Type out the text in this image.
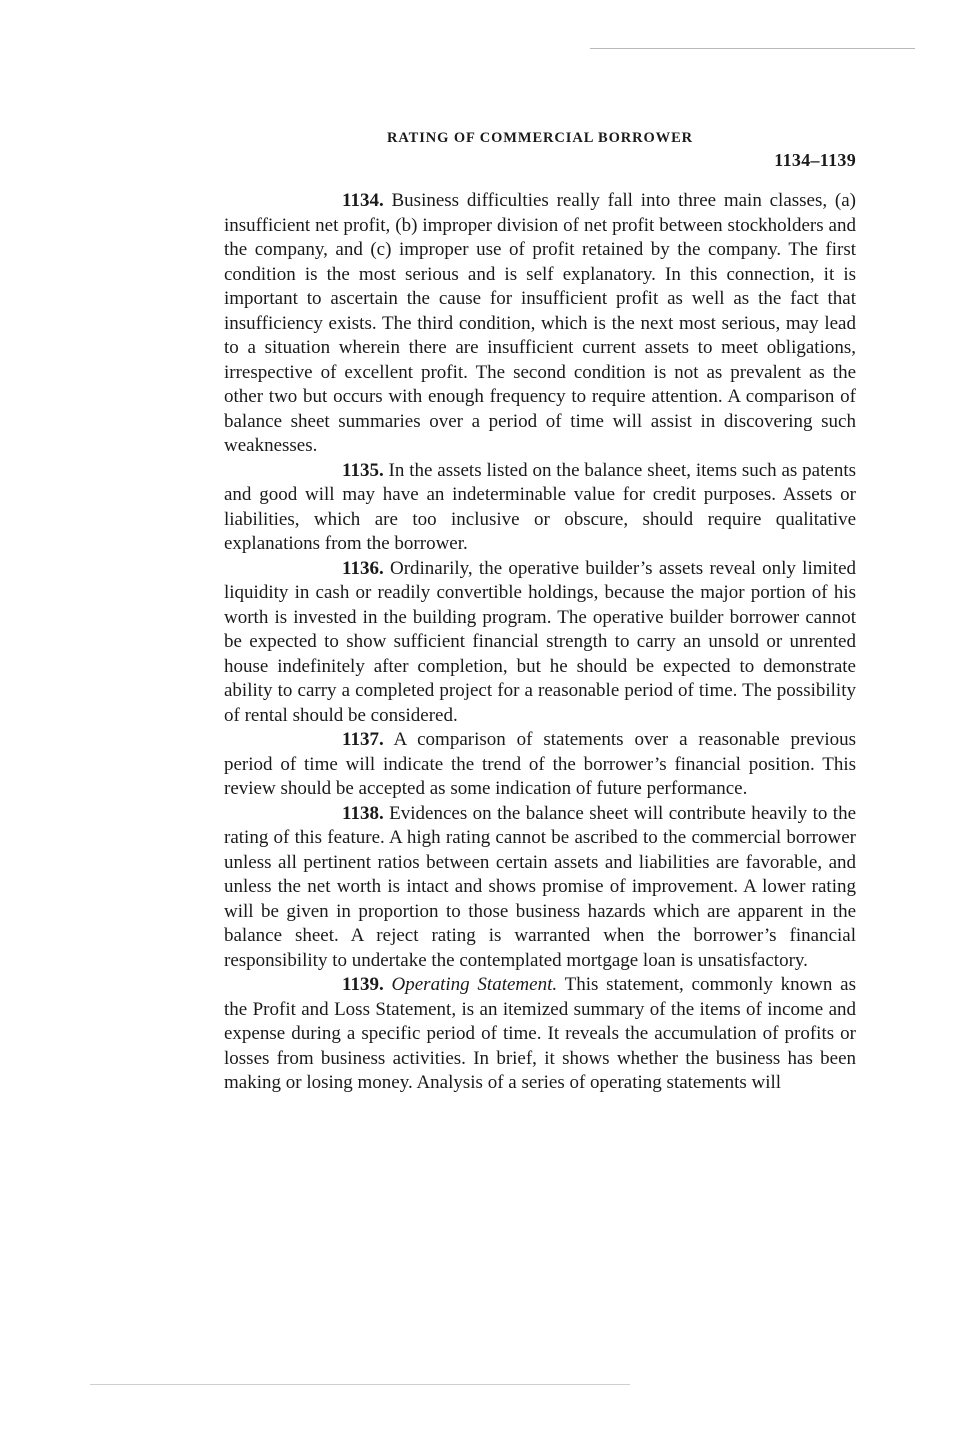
RATING OF COMMERCIAL BORROWER
1134–1139

1134. Business difficulties really fall into three main classes, (a) insufficient net profit, (b) improper division of net profit between stockholders and the company, and (c) improper use of profit retained by the company. The first condition is the most serious and is self explanatory. In this connection, it is important to ascertain the cause for insufficient profit as well as the fact that insufficiency exists. The third condition, which is the next most serious, may lead to a situation wherein there are insufficient current assets to meet obligations, irrespective of excellent profit. The second condition is not as prevalent as the other two but occurs with enough frequency to require attention. A comparison of balance sheet summaries over a period of time will assist in discovering such weaknesses.

1135. In the assets listed on the balance sheet, items such as patents and good will may have an indeterminable value for credit purposes. Assets or liabilities, which are too inclusive or obscure, should require qualitative explanations from the borrower.

1136. Ordinarily, the operative builder’s assets reveal only limited liquidity in cash or readily convertible holdings, because the major portion of his worth is invested in the building program. The operative builder borrower cannot be expected to show sufficient financial strength to carry an unsold or unrented house indefinitely after completion, but he should be expected to demonstrate ability to carry a completed project for a reasonable period of time. The possibility of rental should be considered.

1137. A comparison of statements over a reasonable previous period of time will indicate the trend of the borrower’s financial position. This review should be accepted as some indication of future performance.

1138. Evidences on the balance sheet will contribute heavily to the rating of this feature. A high rating cannot be ascribed to the commercial borrower unless all pertinent ratios between certain assets and liabilities are favorable, and unless the net worth is intact and shows promise of improvement. A lower rating will be given in proportion to those business hazards which are apparent in the balance sheet. A reject rating is warranted when the borrower’s financial responsibility to undertake the contemplated mortgage loan is unsatisfactory.

1139. Operating Statement. This statement, commonly known as the Profit and Loss Statement, is an itemized summary of the items of income and expense during a specific period of time. It reveals the accumulation of profits or losses from business activities. In brief, it shows whether the business has been making or losing money. Analysis of a series of operating statements will
